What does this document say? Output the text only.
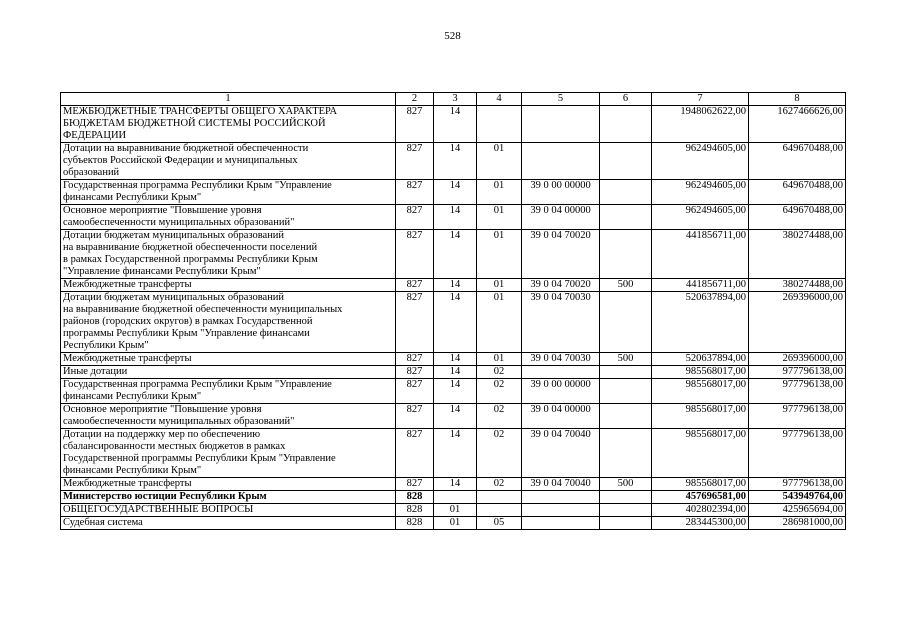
528
1	2	3	4	5	6	7	8
МЕЖБЮДЖЕТНЫЕ ТРАНСФЕРТЫ ОБЩЕГО ХАРАКТЕРА
БЮДЖЕТАМ БЮДЖЕТНОЙ СИСТЕМЫ РОССИЙСКОЙ
ФЕДЕРАЦИИ	827	14				1948062622,00	1627466626,00
Дотации на выравнивание бюджетной обеспеченности
субъектов Российской Федерации и муниципальных
образований	827	14	01			962494605,00	649670488,00
Государственная программа Республики Крым "Управление
финансами Республики Крым"	827	14	01	39 0 00 00000		962494605,00	649670488,00
Основное мероприятие "Повышение уровня
самообеспеченности муниципальных образований"	827	14	01	39 0 04 00000		962494605,00	649670488,00
Дотации бюджетам муниципальных образований
на выравнивание бюджетной обеспеченности поселений
в рамках Государственной программы Республики Крым
"Управление финансами Республики Крым"	827	14	01	39 0 04 70020		441856711,00	380274488,00
Межбюджетные трансферты	827	14	01	39 0 04 70020	500	441856711,00	380274488,00
Дотации бюджетам муниципальных образований
на выравнивание бюджетной обеспеченности муниципальных
районов (городских округов) в рамках Государственной
программы Республики Крым "Управление финансами
Республики Крым"	827	14	01	39 0 04 70030		520637894,00	269396000,00
Межбюджетные трансферты	827	14	01	39 0 04 70030	500	520637894,00	269396000,00
Иные дотации	827	14	02			985568017,00	977796138,00
Государственная программа Республики Крым "Управление
финансами Республики Крым"	827	14	02	39 0 00 00000		985568017,00	977796138,00
Основное мероприятие "Повышение уровня
самообеспеченности муниципальных образований"	827	14	02	39 0 04 00000		985568017,00	977796138,00
Дотации на поддержку мер по обеспечению
сбалансированности местных бюджетов в рамках
Государственной программы Республики Крым "Управление
финансами Республики Крым"	827	14	02	39 0 04 70040		985568017,00	977796138,00
Межбюджетные трансферты	827	14	02	39 0 04 70040	500	985568017,00	977796138,00
Министерство юстиции Республики Крым	828					457696581,00	543949764,00
ОБЩЕГОСУДАРСТВЕННЫЕ ВОПРОСЫ	828	01				402802394,00	425965694,00
Судебная система	828	01	05			283445300,00	286981000,00
